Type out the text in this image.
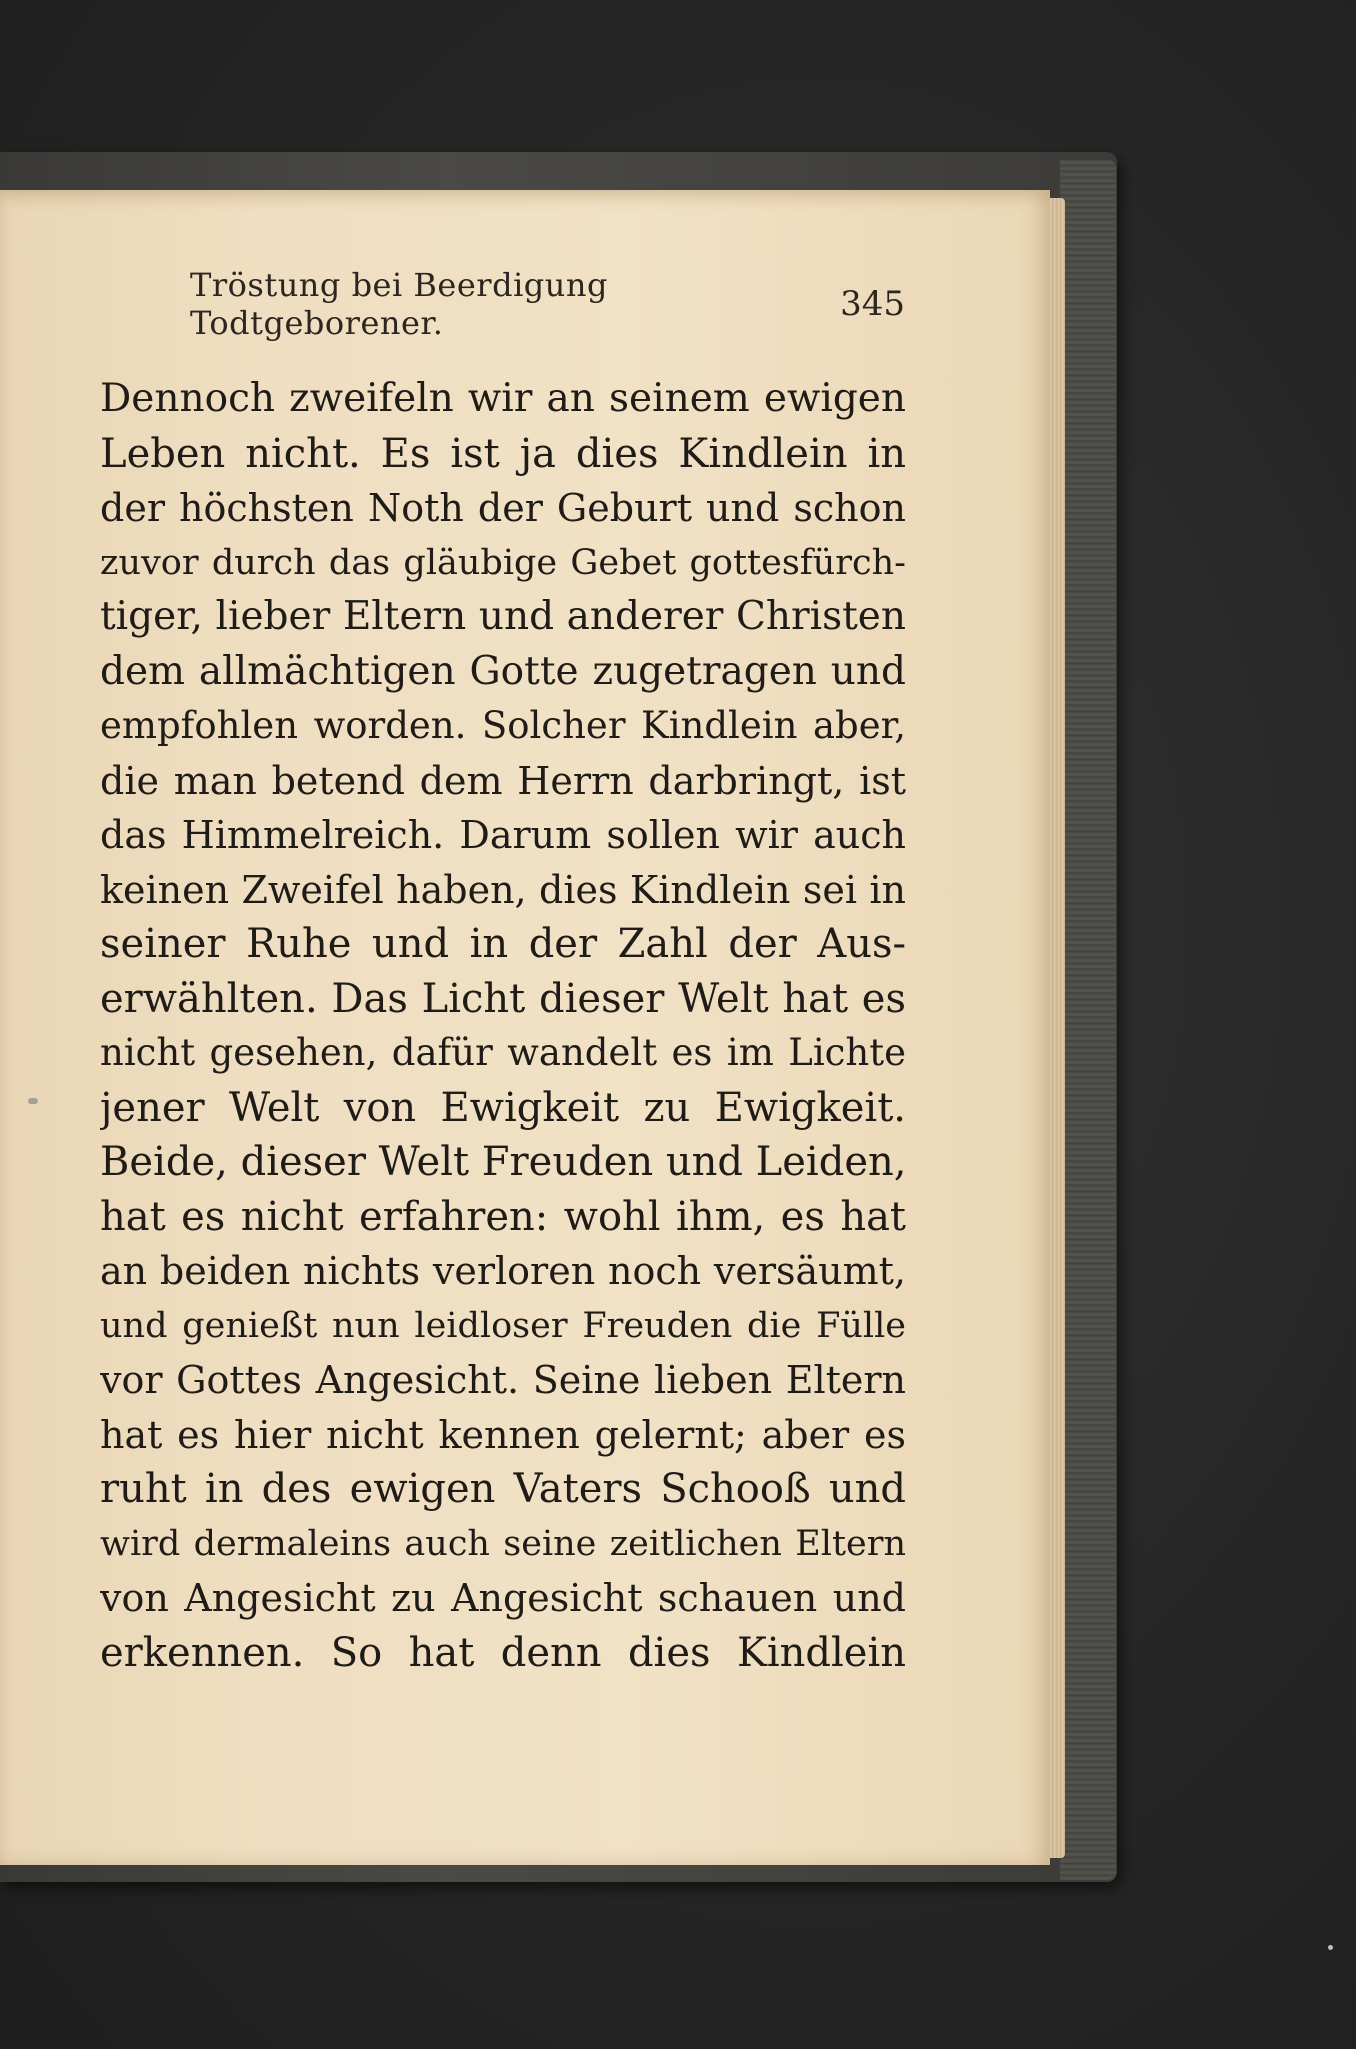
Tröstung bei Beerdigung Todtgeborener.	345
Dennoch zweifeln wir an seinem ewigen
Leben nicht. Es ist ja dies Kindlein in
der höchsten Noth der Geburt und schon
zuvor durch das gläubige Gebet gottesfürch-
tiger, lieber Eltern und anderer Christen
dem allmächtigen Gotte zugetragen und
empfohlen worden. Solcher Kindlein aber,
die man betend dem Herrn darbringt, ist
das Himmelreich. Darum sollen wir auch
keinen Zweifel haben, dies Kindlein sei in
seiner Ruhe und in der Zahl der Aus-
erwählten. Das Licht dieser Welt hat es
nicht gesehen, dafür wandelt es im Lichte
jener Welt von Ewigkeit zu Ewigkeit.
Beide, dieser Welt Freuden und Leiden,
hat es nicht erfahren: wohl ihm, es hat
an beiden nichts verloren noch versäumt,
und genießt nun leidloser Freuden die Fülle
vor Gottes Angesicht. Seine lieben Eltern
hat es hier nicht kennen gelernt; aber es
ruht in des ewigen Vaters Schooß und
wird dermaleins auch seine zeitlichen Eltern
von Angesicht zu Angesicht schauen und
erkennen. So hat denn dies Kindlein
